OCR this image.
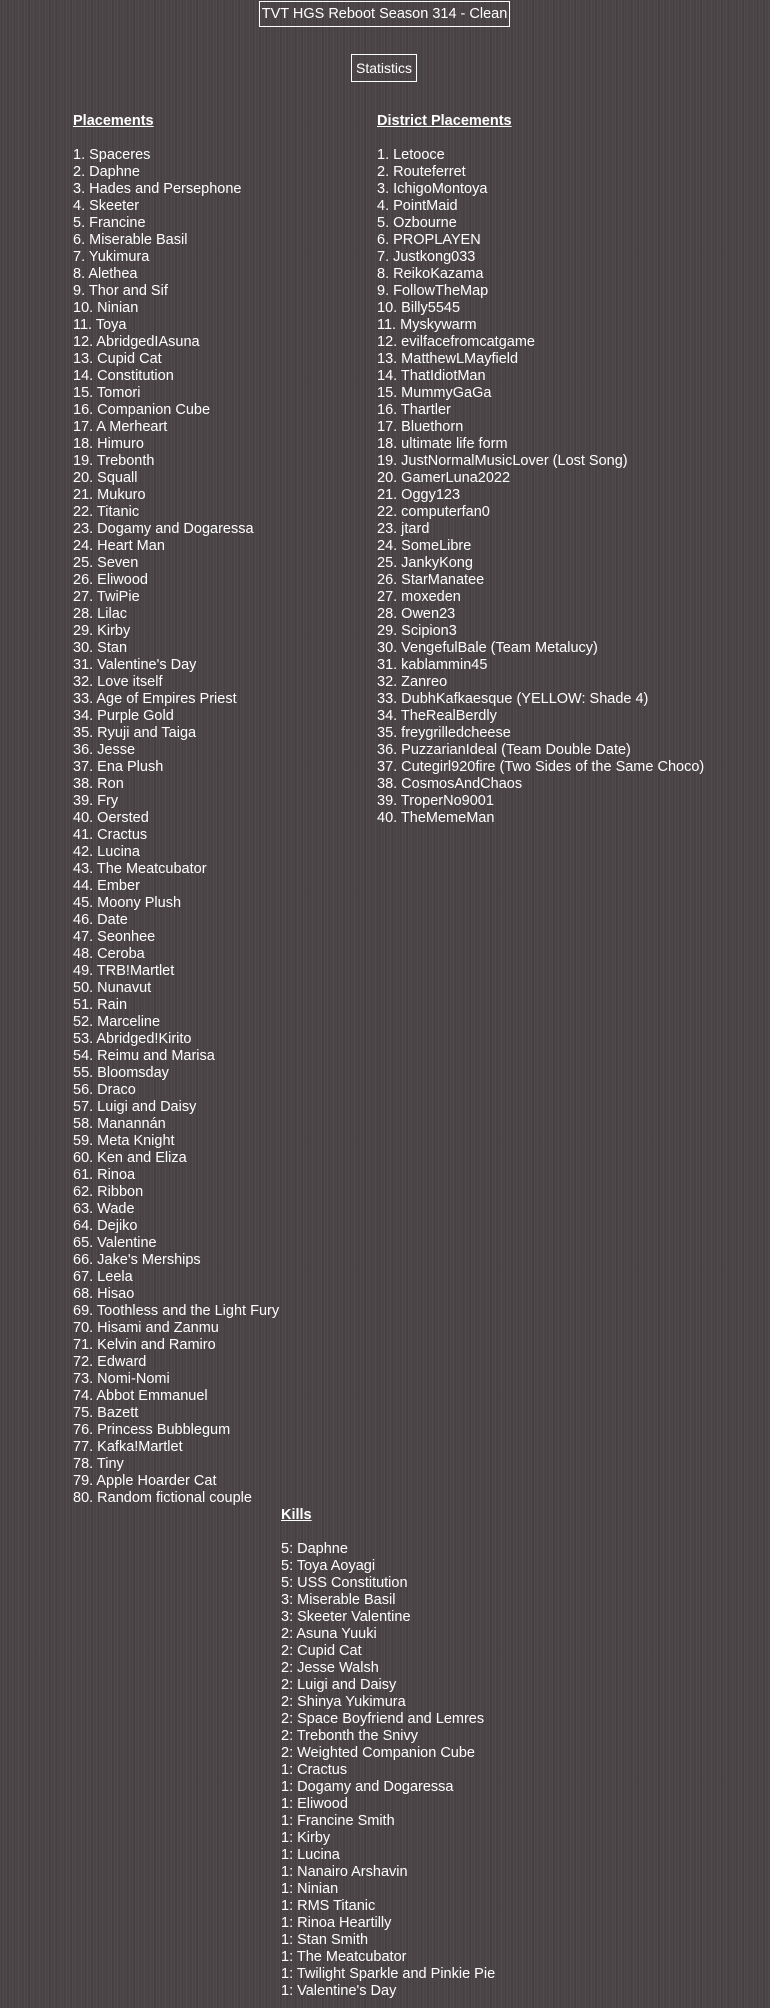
TVT HGS Reboot Season 314 - Clean
Statistics
Placements
1. Spaceres
2. Daphne
3. Hades and Persephone
4. Skeeter
5. Francine
6. Miserable Basil
7. Yukimura
8. Alethea
9. Thor and Sif
10. Ninian
11. Toya
12. AbridgedIAsuna
13. Cupid Cat
14. Constitution
15. Tomori
16. Companion Cube
17. A Merheart
18. Himuro
19. Trebonth
20. Squall
21. Mukuro
22. Titanic
23. Dogamy and Dogaressa
24. Heart Man
25. Seven
26. Eliwood
27. TwiPie
28. Lilac
29. Kirby
30. Stan
31. Valentine's Day
32. Love itself
33. Age of Empires Priest
34. Purple Gold
35. Ryuji and Taiga
36. Jesse
37. Ena Plush
38. Ron
39. Fry
40. Oersted
41. Cractus
42. Lucina
43. The Meatcubator
44. Ember
45. Moony Plush
46. Date
47. Seonhee
48. Ceroba
49. TRB!Martlet
50. Nunavut
51. Rain
52. Marceline
53. Abridged!Kirito
54. Reimu and Marisa
55. Bloomsday
56. Draco
57. Luigi and Daisy
58. Manannán
59. Meta Knight
60. Ken and Eliza
61. Rinoa
62. Ribbon
63. Wade
64. Dejiko
65. Valentine
66. Jake's Merships
67. Leela
68. Hisao
69. Toothless and the Light Fury
70. Hisami and Zanmu
71. Kelvin and Ramiro
72. Edward
73. Nomi-Nomi
74. Abbot Emmanuel
75. Bazett
76. Princess Bubblegum
77. Kafka!Martlet
78. Tiny
79. Apple Hoarder Cat
80. Random fictional couple
District Placements
1. Letooce
2. Routeferret
3. IchigoMontoya
4. PointMaid
5. Ozbourne
6. PROPLAYEN
7. Justkong033
8. ReikoKazama
9. FollowTheMap
10. Billy5545
11. Myskywarm
12. evilfacefromcatgame
13. MatthewLMayfield
14. ThatIdiotMan
15. MummyGaGa
16. Thartler
17. Bluethorn
18. ultimate life form
19. JustNormalMusicLover (Lost Song)
20. GamerLuna2022
21. Oggy123
22. computerfan0
23. jtard
24. SomeLibre
25. JankyKong
26. StarManatee
27. moxeden
28. Owen23
29. Scipion3
30. VengefulBale (Team Metalucy)
31. kablammin45
32. Zanreo
33. DubhKafkaesque (YELLOW: Shade 4)
34. TheRealBerdly
35. freygrilledcheese
36. PuzzarianIdeal (Team Double Date)
37. Cutegirl920fire (Two Sides of the Same Choco)
38. CosmosAndChaos
39. TroperNo9001
40. TheMemeMan
Kills
5: Daphne
5: Toya Aoyagi
5: USS Constitution
3: Miserable Basil
3: Skeeter Valentine
2: Asuna Yuuki
2: Cupid Cat
2: Jesse Walsh
2: Luigi and Daisy
2: Shinya Yukimura
2: Space Boyfriend and Lemres
2: Trebonth the Snivy
2: Weighted Companion Cube
1: Cractus
1: Dogamy and Dogaressa
1: Eliwood
1: Francine Smith
1: Kirby
1: Lucina
1: Nanairo Arshavin
1: Ninian
1: RMS Titanic
1: Rinoa Heartilly
1: Stan Smith
1: The Meatcubator
1: Twilight Sparkle and Pinkie Pie
1: Valentine's Day
